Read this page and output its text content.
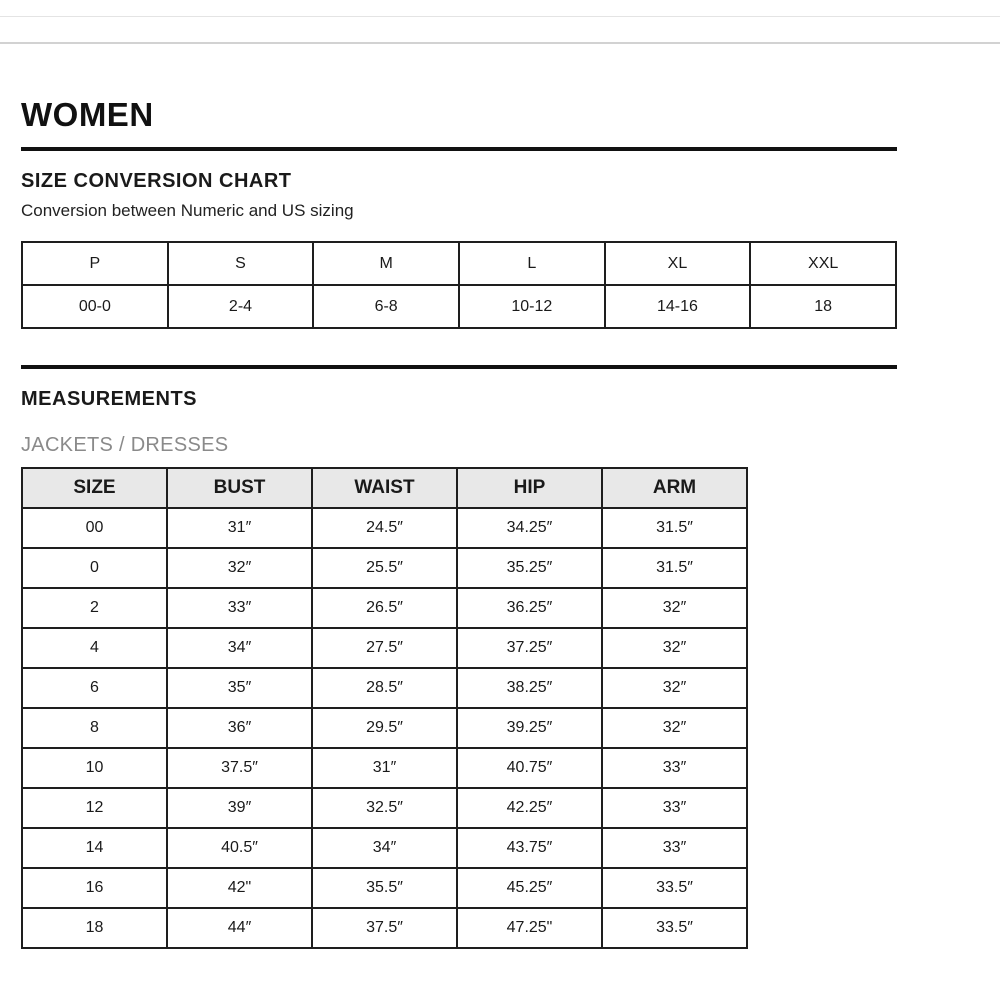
WOMEN
SIZE CONVERSION CHART
Conversion between Numeric and US sizing
P	S	M	L	XL	XXL
00-0	2-4	6-8	10-12	14-16	18
MEASUREMENTS
JACKETS / DRESSES
SIZE	BUST	WAIST	HIP	ARM
00	31″	24.5″	34.25″	31.5″
0	32″	25.5″	35.25″	31.5″
2	33″	26.5″	36.25″	32″
4	34″	27.5″	37.25″	32″
6	35″	28.5″	38.25″	32″
8	36″	29.5″	39.25″	32″
10	37.5″	31″	40.75″	33″
12	39″	32.5″	42.25″	33″
14	40.5″	34″	43.75″	33″
16	42"	35.5″	45.25″	33.5″
18	44″	37.5″	47.25"	33.5″
